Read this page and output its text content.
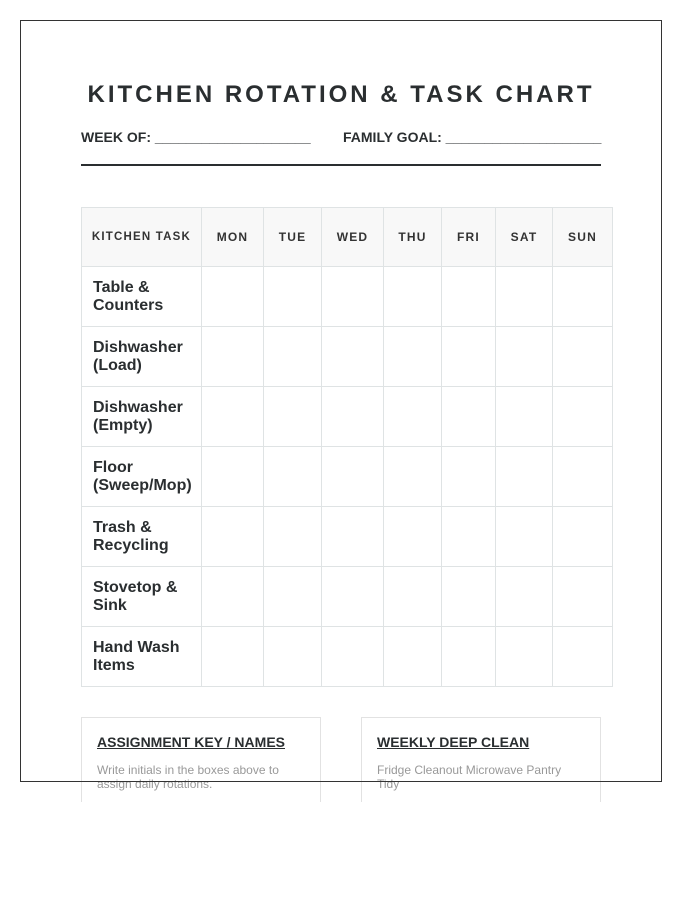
KITCHEN ROTATION & TASK CHART
WEEK OF: ____________________ FAMILY GOAL: ____________________
KITCHEN TASK	MON	TUE	WED	THU	FRI	SAT	SUN
Table & Counters							
Dishwasher (Load)							
Dishwasher (Empty)							
Floor (Sweep/Mop)							
Trash & Recycling							
Stovetop & Sink							
Hand Wash Items							
ASSIGNMENT KEY / NAMES

Write initials in the boxes above to assign daily rotations.

WEEKLY DEEP CLEAN

Fridge Cleanout Microwave Pantry Tidy
